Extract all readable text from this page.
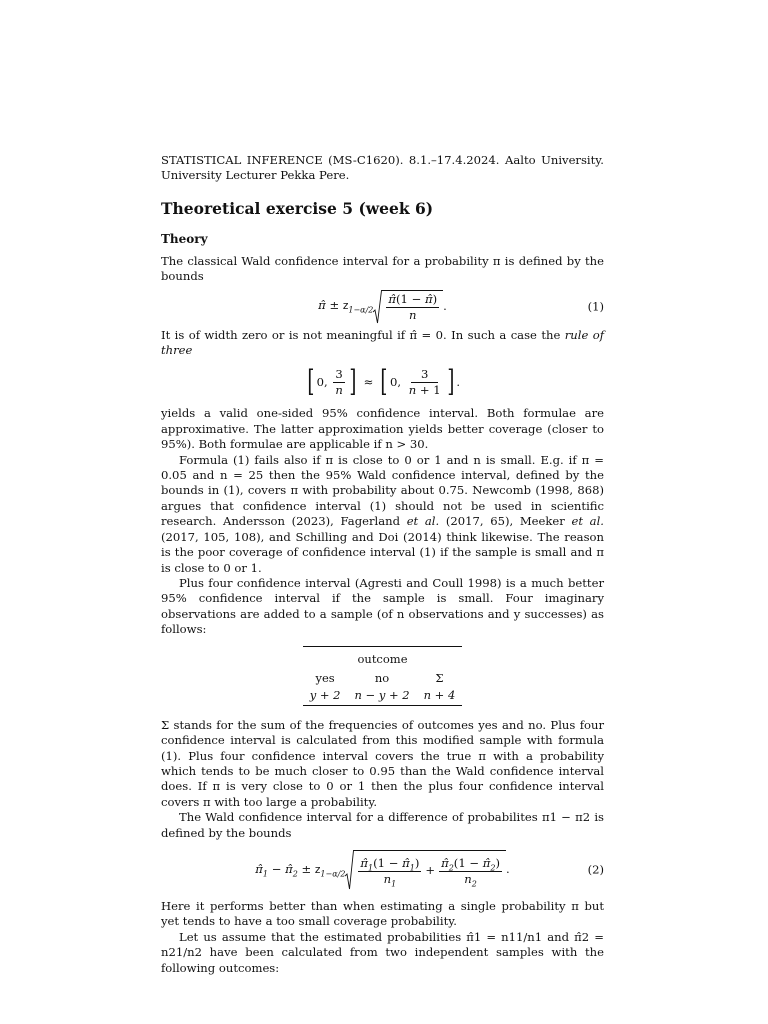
STATISTICAL INFERENCE (MS-C1620). 8.1.–17.4.2024. Aalto University. University Lecturer Pekka Pere.

Theoretical exercise 5 (week 6)
Theory

The classical Wald confidence interval for a probability π is defined by the bounds

π̂ ± $z_{1-\alpha/2} \frac{\pî(1 - \pî)}{n}$ .	(1)

It is of width zero or is not meaningful if π̂ = 0. In such a case the rule of three

[ 0, $\frac{3}{n}$ ] ≈ [ 0, $\frac{3}{n + 1}$ ] .

yields a valid one-sided 95% confidence interval. Both formulae are approximative. The latter approximation yields better coverage (closer to 95%). Both formulae are applicable if n > 30.

Formula (1) fails also if π is close to 0 or 1 and n is small. E.g. if π = 0.05 and n = 25 then the 95% Wald confidence interval, defined by the bounds in (1), covers π with probability about 0.75. Newcomb (1998, 868) argues that confidence interval (1) should not be used in scientific research. Andersson (2023), Fagerland et al. (2017, 65), Meeker et al. (2017, 105, 108), and Schilling and Doi (2014) think likewise. The reason is the poor coverage of confidence interval (1) if the sample is small and π is close to 0 or 1.

Plus four confidence interval (Agresti and Coull 1998) is a much better 95% confidence interval if the sample is small. Four imaginary observations are added to a sample (of n observations and y successes) as follows:

outcome		
yes	no	Σ
y + 2	n − y + 2	n + 4

Σ stands for the sum of the frequencies of outcomes yes and no. Plus four confidence interval is calculated from this modified sample with formula (1). Plus four confidence interval covers the true π with a probability which tends to be much closer to 0.95 than the Wald confidence interval does. If π is very close to 0 or 1 then the plus four confidence interval covers π with too large a probability.

The Wald confidence interval for a difference of probabilites π1 − π2 is defined by the bounds

$\pî_1$ − $\pî_2 \pm z_{1-\alpha/2} \frac{\pî_1(1 - \pî_1)}{n_1} + \frac{\pî_2(1 - \pî_2)}{n_2}$ .	(2)

Here it performs better than when estimating a single probability π but yet tends to have a too small coverage probability.

Let us assume that the estimated probabilities π̂1 = n11/n1 and π̂2 = n21/n2 have been calculated from two independent samples with the following outcomes:
